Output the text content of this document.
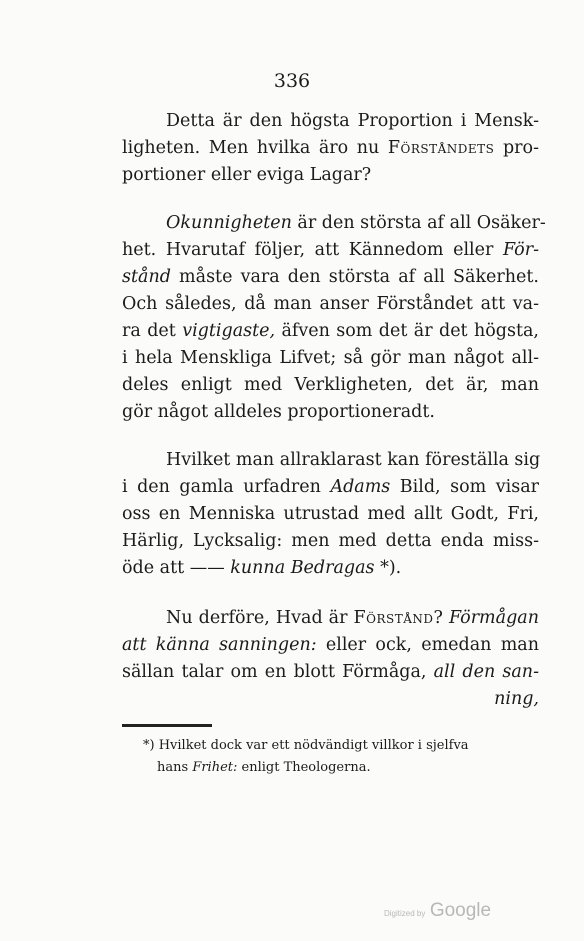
336
Detta är den högsta Proportion i Mensk-
ligheten. Men hvilka äro nu Förståndets pro-
portioner eller eviga Lagar?
Okunnigheten är den största af all Osäker-
het. Hvarutaf följer, att Kännedom eller För-
stånd måste vara den största af all Säkerhet.
Och således, då man anser Förståndet att va-
ra det vigtigaste, äfven som det är det högsta,
i hela Menskliga Lifvet; så gör man något all-
deles enligt med Verkligheten, det är, man
gör något alldeles proportioneradt.
Hvilket man allraklarast kan föreställa sig
i den gamla urfadren Adams Bild, som visar
oss en Menniska utrustad med allt Godt, Fri,
Härlig, Lycksalig: men med detta enda miss-
öde att —— kunna Bedragas *).
Nu derföre, Hvad är Förstånd? Förmågan
att känna sanningen: eller ock, emedan man
sällan talar om en blott Förmåga, all den san-
ning,
*) Hvilket dock var ett nödvändigt villkor i sjelfva
hans Frihet: enligt Theologerna.
Digitized by Google
